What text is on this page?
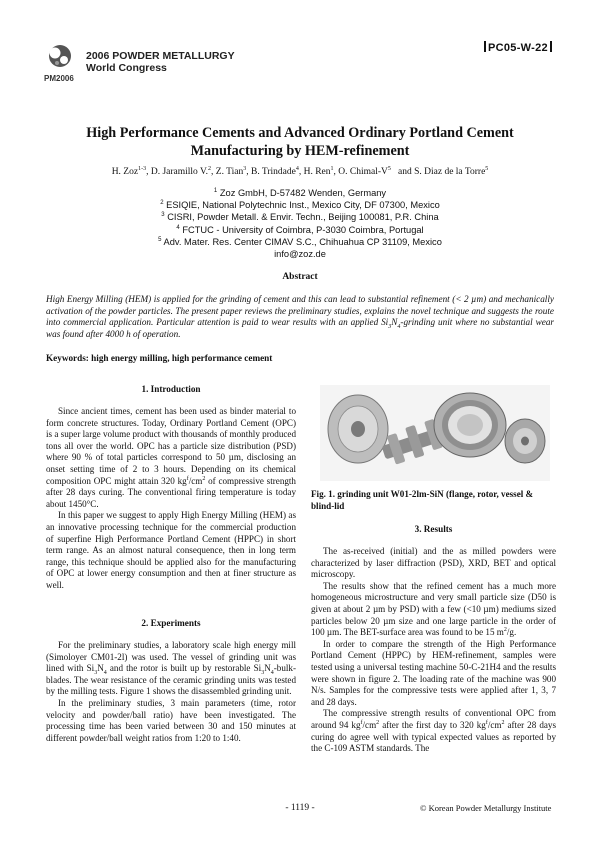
PM2006
2006 POWDER METALLURGY
World Congress
PC05-W-22
High Performance Cements and Advanced Ordinary Portland Cement
Manufacturing by HEM-refinement
H. Zoz$^{1-3}$, D. Jaramillo V.$^2$, Z. Tian$^3$, B. Trindade$^4$, H. Ren$^1$, O. Chimal-$V^5$ and S. Diaz de la Torre$^5$
$^1$ Zoz GmbH, D-57482 Wenden, Germany
$^2$ ESIQIE, National Polytechnic Inst., Mexico City, DF 07300, Mexico
$^3$ CISRI, Powder Metall. & Envir. Techn., Beijing 100081, P.R. China
$^4$ FCTUC - University of Coimbra, P-3030 Coimbra, Portugal
$^5$ Adv. Mater. Res. Center CIMAV S.C., Chihuahua CP 31109, Mexico
info@zoz.de
Abstract
High Energy Milling (HEM) is applied for the grinding of cement and this can lead to substantial refinement (< 2 µm) and mechanically activation of the powder particles. The present paper reviews the preliminary studies, explains the novel technique and suggests the route into commercial application. Particular attention is paid to wear results with an applied $Si_3N_4$-grinding unit where no substantial wear was found after 4000 h of operation.
Keywords: high energy milling, high performance cement
1. Introduction

Since ancient times, cement has been used as binder material to form concrete structures. Today, Ordinary Portland Cement (OPC) is a super large volume product with thousands of monthly produced tons all over the world. OPC has a particle size distribution (PSD) where 90 % of total particles correspond to 50 µm, disclosing an onset setting time of 2 to 3 hours. Depending on its chemical composition OPC might attain 320 $kg^f/cm^2$ of compressive strength after 28 days curing. The conventional firing temperature is today about 1450°C.

In this paper we suggest to apply High Energy Milling (HEM) as an innovative processing technique for the commercial production of superfine High Performance Portland Cement (HPPC) in short term range. As an almost natural consequence, then in long term range, this technique should be applied also for the manufacturing of OPC at lower energy consumption and then at finer structure as well.

2. Experiments

For the preliminary studies, a laboratory scale high energy mill (Simoloyer CM01-2l) was used. The vessel of grinding unit was lined with $Si_3N_4$ and the rotor is built up by restorable $Si_3N_4-bulk$-blades. The wear resistance of the ceramic grinding units was tested by the milling tests. Figure 1 shows the disassembled grinding unit.

In the preliminary studies, 3 main parameters (time, rotor velocity and powder/ball ratio) have been investigated. The processing time has been varied between 30 and 150 minutes at different powder/ball weight ratios from 1:20 to 1:40.

Fig. 1. grinding unit W01-2lm-SiN (flange, rotor, vessel & blind-lid
3. Results

The as-received (initial) and the as milled powders were characterized by laser diffraction (PSD), XRD, BET and optical microscopy.

The results show that the refined cement has a much more homogeneous microstructure and very small particle size (D50 is given at about 2 µm by PSD) with a few (<10 µm) mediums sized particles below 20 µm size and one large particle in the order of 100 µm. The BET-surface area was found to be 15 $m^2/g$.

In order to compare the strength of the High Performance Portland Cement (HPPC) by HEM-refinement, samples were tested using a universal testing machine 50-C-21H4 and the results were shown in figure 2. The loading rate of the machine was 900 N/s. Samples for the compressive tests were applied after 1, 3, 7 and 28 days.

The compressive strength results of conventional OPC from around 94 $kg^f/cm^2$ after the first day to 320 $kg^f/cm^2$ after 28 days curing do agree well with typical expected values as reported by the C-109 ASTM standards. The

- 1119 -	© Korean Powder Metallurgy Institute
